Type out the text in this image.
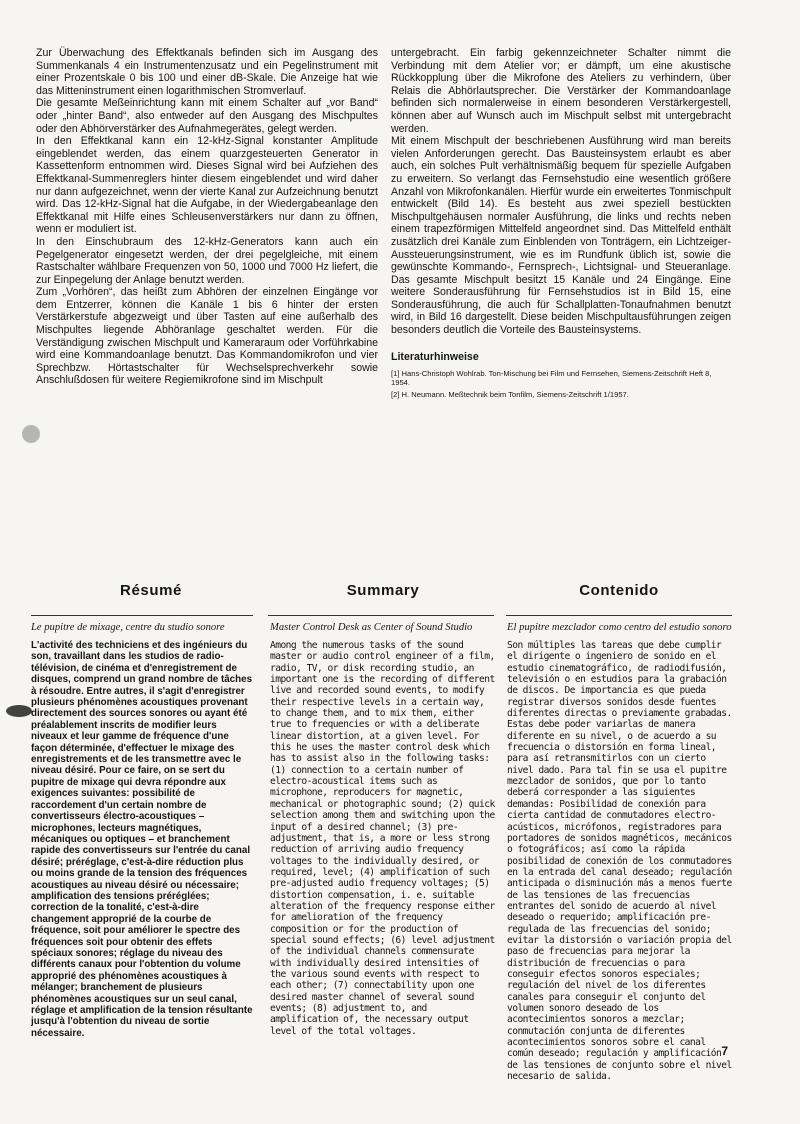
Zur Überwachung des Effektkanals befinden sich im Ausgang des Summenkanals 4 ein Instrumentenzusatz und ein Pegelinstrument mit einer Prozentskale 0 bis 100 und einer dB-Skale. Die Anzeige hat wie das Mitteninstrument einen logarithmischen Stromverlauf.

Die gesamte Meßeinrichtung kann mit einem Schalter auf „vor Band“ oder „hinter Band“, also entweder auf den Ausgang des Mischpultes oder den Abhörverstärker des Aufnahmegerätes, gelegt werden.

In den Effektkanal kann ein 12-kHz-Signal konstanter Amplitude eingeblendet werden, das einem quarzgesteuerten Generator in Kassettenform entnommen wird. Dieses Signal wird bei Aufziehen des Effektkanal-Summenreglers hinter diesem eingeblendet und wird daher nur dann aufgezeichnet, wenn der vierte Kanal zur Aufzeichnung benutzt wird. Das 12-kHz-Signal hat die Aufgabe, in der Wiedergabeanlage den Effektkanal mit Hilfe eines Schleusenverstärkers nur dann zu öffnen, wenn er moduliert ist.

In den Einschubraum des 12-kHz-Generators kann auch ein Pegelgenerator eingesetzt werden, der drei pegelgleiche, mit einem Rastschalter wählbare Frequenzen von 50, 1000 und 7000 Hz liefert, die zur Einpegelung der Anlage benutzt werden.

Zum „Vorhören“, das heißt zum Abhören der einzelnen Eingänge vor dem Entzerrer, können die Kanäle 1 bis 6 hinter der ersten Verstärkerstufe abgezweigt und über Tasten auf eine außerhalb des Mischpultes liegende Abhöranlage geschaltet werden. Für die Verständigung zwischen Mischpult und Kameraraum oder Vorführkabine wird eine Kommandoanlage benutzt. Das Kommandomikrofon und vier Sprechbzw. Hörtastschalter für Wechselsprechverkehr sowie Anschlußdosen für weitere Regiemikrofone sind im Mischpult

untergebracht. Ein farbig gekennzeichneter Schalter nimmt die Verbindung mit dem Atelier vor; er dämpft, um eine akustische Rückkopplung über die Mikrofone des Ateliers zu verhindern, über Relais die Abhörlautsprecher. Die Verstärker der Kommandoanlage befinden sich normalerweise in einem besonderen Verstärkergestell, können aber auf Wunsch auch im Mischpult selbst mit untergebracht werden.

Mit einem Mischpult der beschriebenen Ausführung wird man bereits vielen Anforderungen gerecht. Das Bausteinsystem erlaubt es aber auch, ein solches Pult verhältnismäßig bequem für spezielle Aufgaben zu erweitern. So verlangt das Fernsehstudio eine wesentlich größere Anzahl von Mikrofonkanälen. Hierfür wurde ein erweitertes Tonmischpult entwickelt (Bild 14). Es besteht aus zwei speziell bestückten Mischpultgehäusen normaler Ausführung, die links und rechts neben einem trapezförmigen Mittelfeld angeordnet sind. Das Mittelfeld enthält zusätzlich drei Kanäle zum Einblenden von Tonträgern, ein Lichtzeiger-Aussteuerungsinstrument, wie es im Rundfunk üblich ist, sowie die gewünschte Kommando-, Fernsprech-, Lichtsignal- und Steueranlage. Das gesamte Mischpult besitzt 15 Kanäle und 24 Eingänge. Eine weitere Sonderausführung für Fernsehstudios ist in Bild 15, eine Sonderausführung, die auch für Schallplatten-Tonaufnahmen benutzt wird, in Bild 16 dargestellt. Diese beiden Mischpultausführungen zeigen besonders deutlich die Vorteile des Bausteinsystems.

Literaturhinweise
[1] Hans-Christoph Wohlrab. Ton-Mischung bei Film und Fernsehen, Siemens-Zeitschrift Heft 8, 1954.
[2] H. Neumann. Meßtechnik beim Tonfilm, Siemens-Zeitschrift 1/1957.
Résumé	Summary	Contenido
Le pupitre de mixage, centre du studio sonore

L'activité des techniciens et des ingénieurs du son, travaillant dans les studios de radio-télévision, de cinéma et d'enregistrement de disques, comprend un grand nombre de tâches à résoudre. Entre autres, il s'agit d'enregistrer plusieurs phénomènes acoustiques provenant directement des sources sonores ou ayant été préalablement inscrits de modifier leurs niveaux et leur gamme de fréquence d'une façon déterminée, d'effectuer le mixage des enregistrements et de les transmettre avec le niveau désiré. Pour ce faire, on se sert du pupitre de mixage qui devra répondre aux exigences suivantes: possibilité de raccordement d'un certain nombre de convertisseurs électro-acoustiques – microphones, lecteurs magnétiques, mécaniques ou optiques – et branchement rapide des convertisseurs sur l'entrée du canal désiré; préréglage, c'est-à-dire réduction plus ou moins grande de la tension des fréquences acoustiques au niveau désiré ou nécessaire; amplification des tensions préréglées; correction de la tonalité, c'est-à-dire changement approprié de la courbe de fréquence, soit pour améliorer le spectre des fréquences soit pour obtenir des effets spéciaux sonores; réglage du niveau des différents canaux pour l'obtention du volume approprié des phénomènes acoustiques à mélanger; branchement de plusieurs phénomènes acoustiques sur un seul canal, réglage et amplification de la tension résultante jusqu'à l'obtention du niveau de sortie nécessaire.

Master Control Desk as Center of Sound Studio

Among the numerous tasks of the sound master or audio control engineer of a film, radio, TV, or disk recording studio, an important one is the recording of different live and recorded sound events, to modify their respective levels in a certain way, to change them, and to mix them, either true to frequencies or with a deliberate linear distortion, at a given level. For this he uses the master control desk which has to assist also in the following tasks: (1) connection to a certain number of electro-acoustical items such as microphone, reproducers for magnetic, mechanical or photographic sound; (2) quick selection among them and switching upon the input of a desired channel; (3) pre-adjustment, that is, a more or less strong reduction of arriving audio frequency voltages to the individually desired, or required, level; (4) amplification of such pre-adjusted audio frequency voltages; (5) distortion compensation, i. e. suitable alteration of the frequency response either for amelioration of the frequency composition or for the production of special sound effects; (6) level adjustment of the individual channels commensurate with individually desired intensities of the various sound events with respect to each other; (7) connectability upon one desired master channel of several sound events; (8) adjustment to, and amplification of, the necessary output level of the total voltages.

El pupitre mezclador como centro del estudio sonoro

Son múltiples las tareas que debe cumplir el dirigente o ingeniero de sonido en el estudio cinematográfico, de radiodifusión, televisión o en estudios para la grabación de discos. De importancia es que pueda registrar diversos sonidos desde fuentes diferentes directas o previamente grabadas. Estas debe poder variarlas de manera diferente en su nivel, o de acuerdo a su frecuencia o distorsión en forma lineal, para así retransmitirlos con un cierto nivel dado. Para tal fin se usa el pupitre mezclador de sonidos, que por lo tanto deberá corresponder a las siguientes demandas: Posibilidad de conexión para cierta cantidad de conmutadores electro-acústicos, micrófonos, registradores para portadores de sonidos magnéticos, mecánicos o fotográficos; así como la rápida posibilidad de conexión de los conmutadores en la entrada del canal deseado; regulación anticipada o disminución más a menos fuerte de las tensiones de las frecuencias entrantes del sonido de acuerdo al nivel deseado o requerido; amplificación pre-regulada de las frecuencias del sonido; evitar la distorsión o variación propia del paso de frecuencias para mejorar la distribución de frecuencias o para conseguir efectos sonoros especiales; regulación del nivel de los diferentes canales para conseguir el conjunto del volumen sonoro deseado de los acontecimientos sonoros a mezclar; conmutación conjunta de diferentes acontecimientos sonoros sobre el canal común deseado; regulación y amplificación de las tensiones de conjunto sobre el nivel necesario de salida.

7
